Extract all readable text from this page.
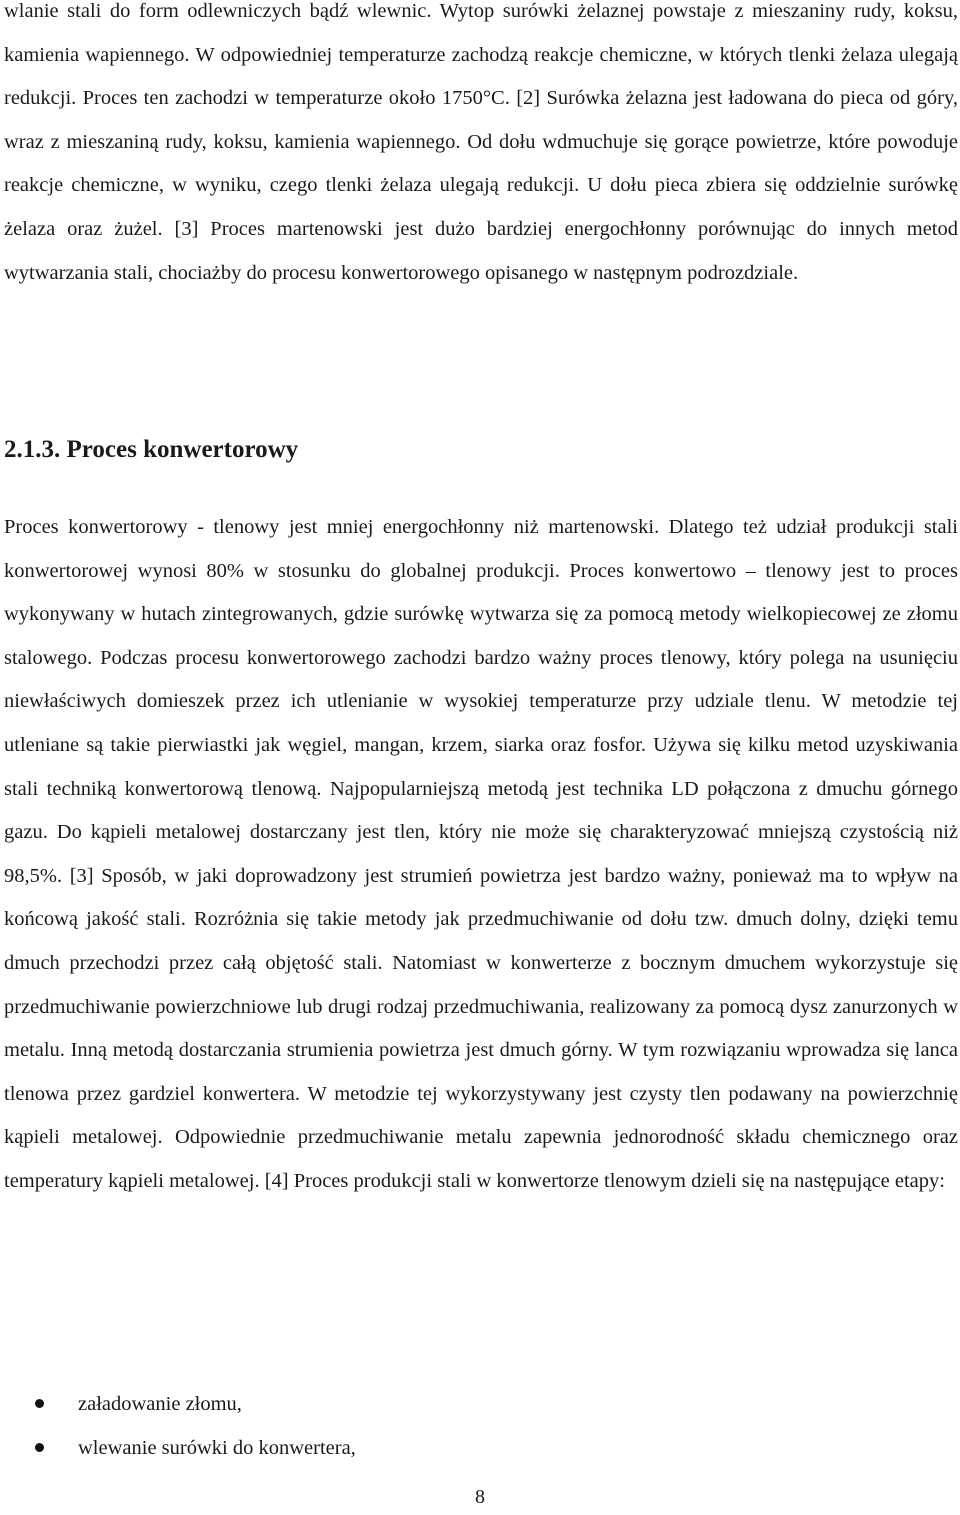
wlanie stali do form odlewniczych bądź wlewnic. Wytop surówki żelaznej powstaje z mieszaniny rudy, koksu, kamienia wapiennego. W odpowiedniej temperaturze zachodzą reakcje chemiczne, w których tlenki żelaza ulegają redukcji. Proces ten zachodzi w temperaturze około 1750°C. [2] Surówka żelazna jest ładowana do pieca od góry, wraz z mieszaniną rudy, koksu, kamienia wapiennego. Od dołu wdmuchuje się gorące powietrze, które powoduje reakcje chemiczne, w wyniku, czego tlenki żelaza ulegają redukcji. U dołu pieca zbiera się oddzielnie surówkę żelaza oraz żużel. [3] Proces martenowski jest dużo bardziej energochłonny porównując do innych metod wytwarzania stali, chociażby do procesu konwertorowego opisanego w następnym podrozdziale.

2.1.3. Proces konwertorowy

Proces konwertorowy - tlenowy jest mniej energochłonny niż martenowski. Dlatego też udział produkcji stali konwertorowej wynosi 80% w stosunku do globalnej produkcji. Proces konwertowo – tlenowy jest to proces wykonywany w hutach zintegrowanych, gdzie surówkę wytwarza się za pomocą metody wielkopiecowej ze złomu stalowego. Podczas procesu konwertorowego zachodzi bardzo ważny proces tlenowy, który polega na usunięciu niewłaściwych domieszek przez ich utlenianie w wysokiej temperaturze przy udziale tlenu. W metodzie tej utleniane są takie pierwiastki jak węgiel, mangan, krzem, siarka oraz fosfor. Używa się kilku metod uzyskiwania stali techniką konwertorową tlenową. Najpopularniejszą metodą jest technika LD połączona z dmuchu górnego gazu. Do kąpieli metalowej dostarczany jest tlen, który nie może się charakteryzować mniejszą czystością niż 98,5%. [3] Sposób, w jaki doprowadzony jest strumień powietrza jest bardzo ważny, ponieważ ma to wpływ na końcową jakość stali. Rozróżnia się takie metody jak przedmuchiwanie od dołu tzw. dmuch dolny, dzięki temu dmuch przechodzi przez całą objętość stali. Natomiast w konwerterze z bocznym dmuchem wykorzystuje się przedmuchiwanie powierzchniowe lub drugi rodzaj przedmuchiwania, realizowany za pomocą dysz zanurzonych w metalu. Inną metodą dostarczania strumienia powietrza jest dmuch górny. W tym rozwiązaniu wprowadza się lanca tlenowa przez gardziel konwertera. W metodzie tej wykorzystywany jest czysty tlen podawany na powierzchnię kąpieli metalowej. Odpowiednie przedmuchiwanie metalu zapewnia jednorodność składu chemicznego oraz temperatury kąpieli metalowej. [4] Proces produkcji stali w konwertorze tlenowym dzieli się na następujące etapy:

załadowanie złomu,
wlewanie surówki do konwertera,

8
